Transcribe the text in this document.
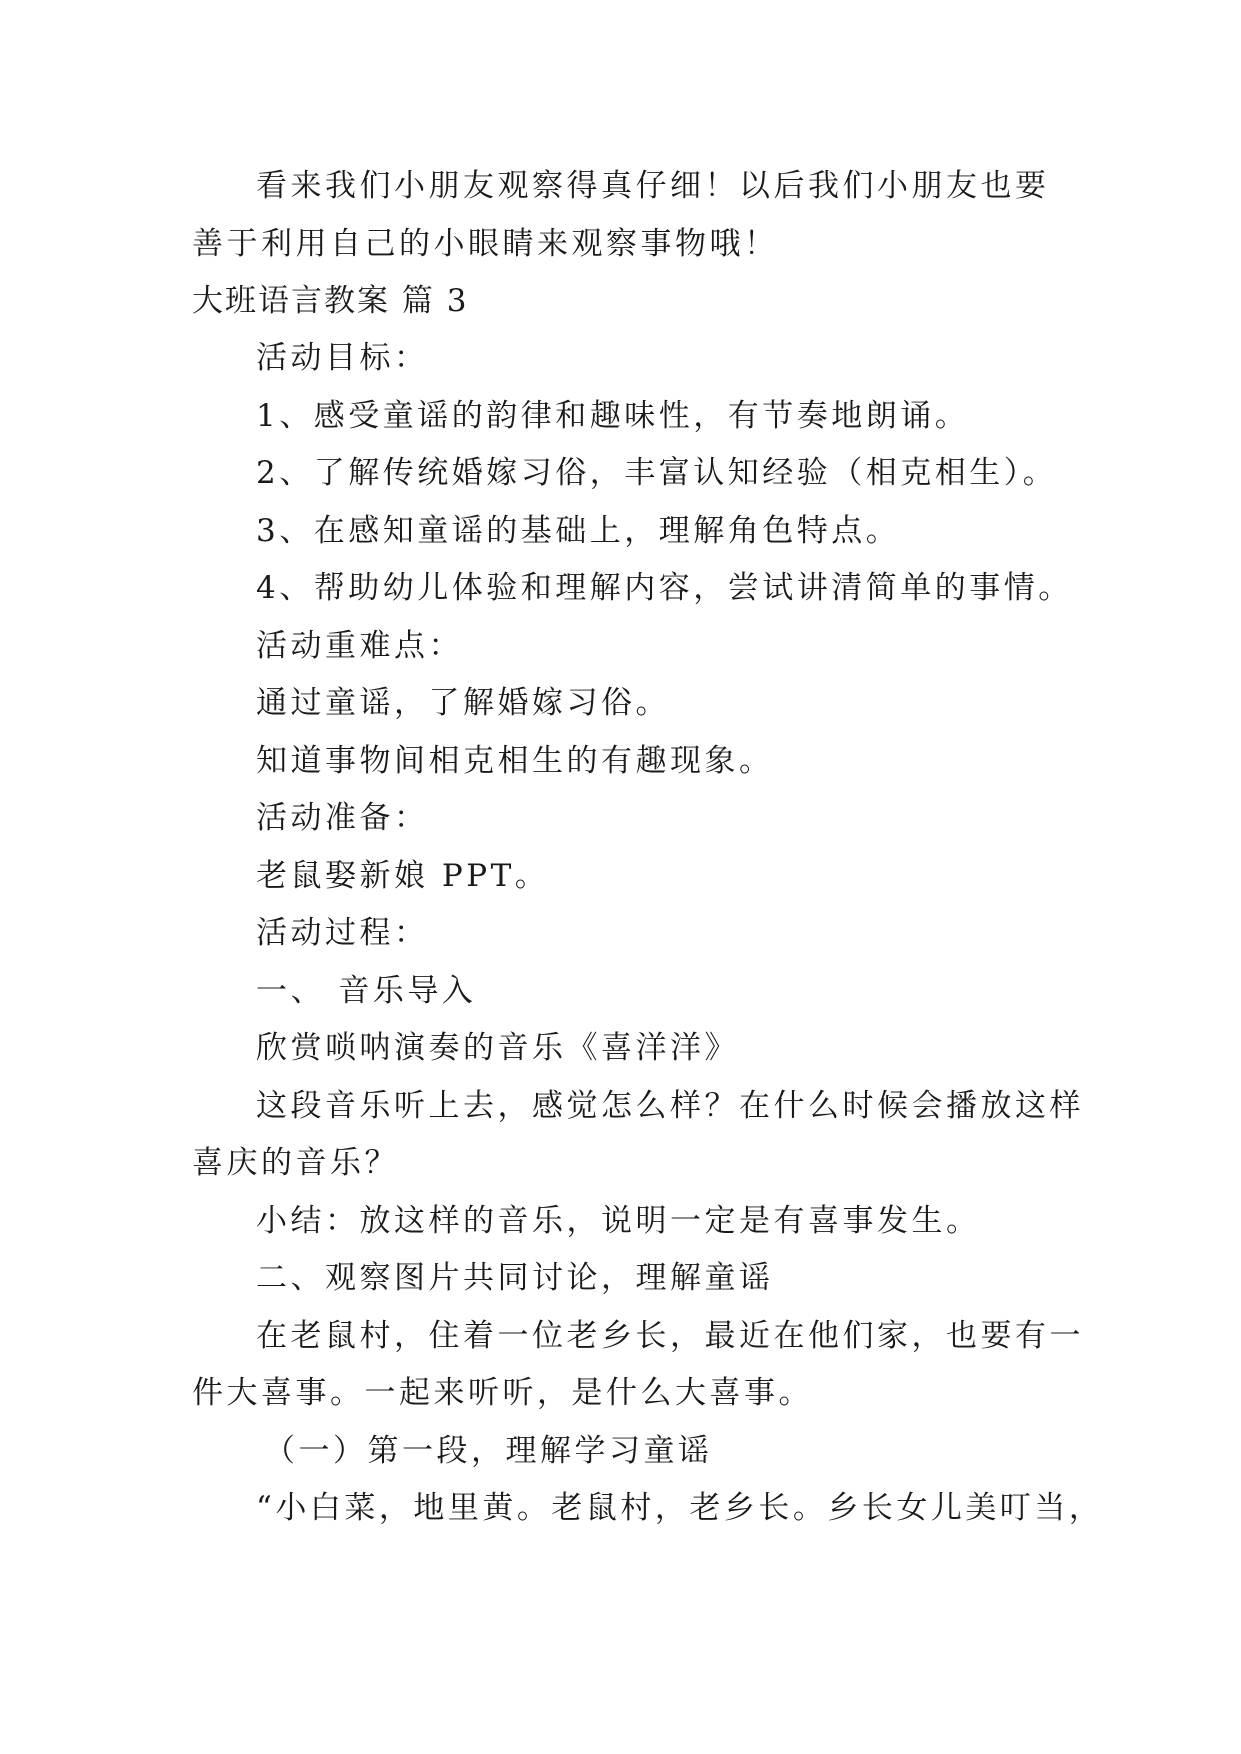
看来我们小朋友观察得真仔细！以后我们小朋友也要
善于利用自己的小眼睛来观察事物哦！
大班语言教案 篇 3
活动目标：
1、感受童谣的韵律和趣味性，有节奏地朗诵。
2、了解传统婚嫁习俗，丰富认知经验（相克相生）。
3、在感知童谣的基础上，理解角色特点。
4、帮助幼儿体验和理解内容，尝试讲清简单的事情。
活动重难点：
通过童谣，了解婚嫁习俗。
知道事物间相克相生的有趣现象。
活动准备：
老鼠娶新娘 PPT。
活动过程：
一、 音乐导入
欣赏唢呐演奏的音乐《喜洋洋》
这段音乐听上去，感觉怎么样？在什么时候会播放这样
喜庆的音乐？
小结：放这样的音乐，说明一定是有喜事发生。
二、观察图片共同讨论，理解童谣
在老鼠村，住着一位老乡长，最近在他们家，也要有一
件大喜事。一起来听听，是什么大喜事。
（一）第一段，理解学习童谣
“小白菜，地里黄。老鼠村，老乡长。乡长女儿美叮当，
